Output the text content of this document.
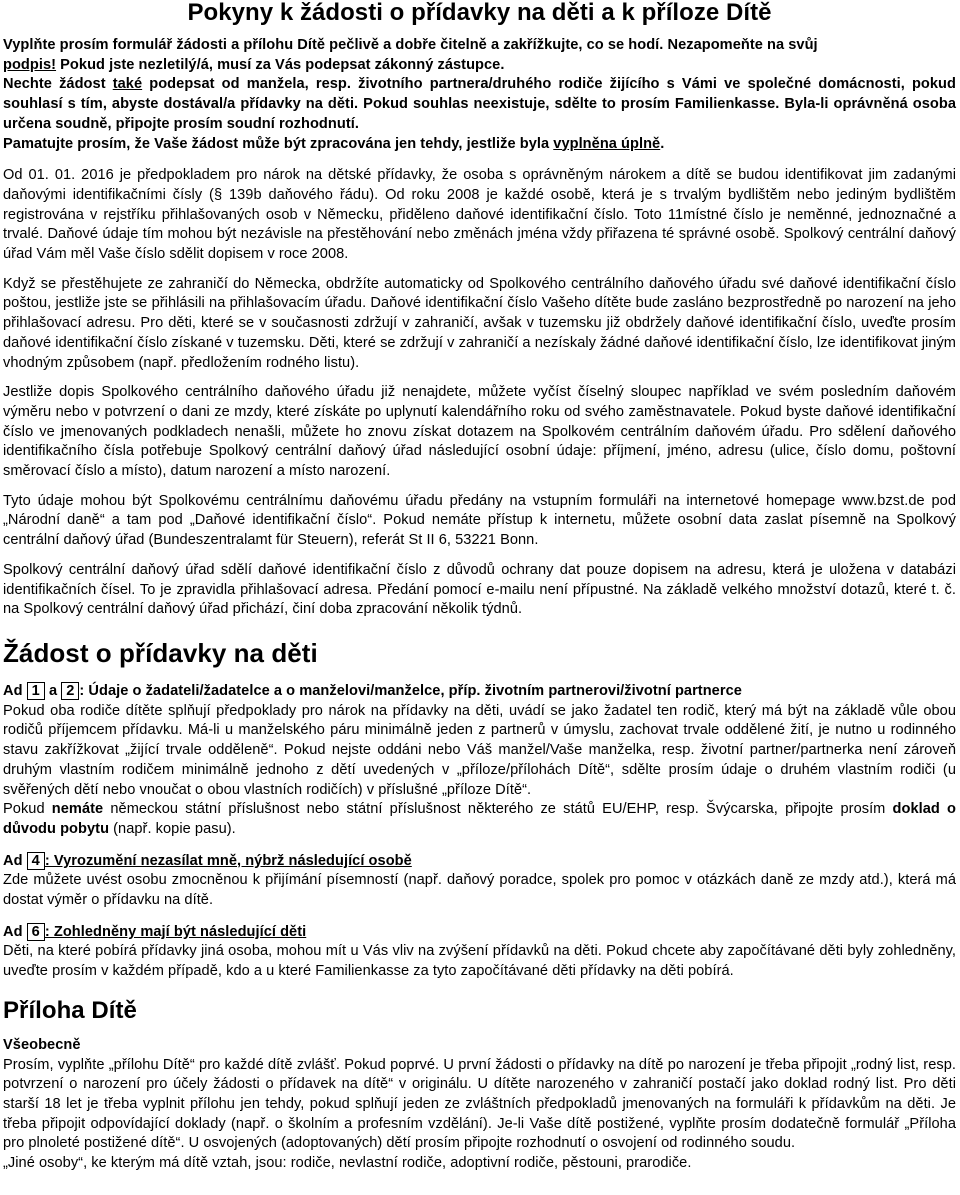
Pokyny k žádosti o přídavky na děti a k příloze Dítě

Vyplňte prosím formulář žádosti a přílohu Dítě pečlivě a dobře čitelně a zakřížkujte, co se hodí. Nezapomeňte na svůj
podpis! Pokud jste nezletilý/á, musí za Vás podepsat zákonný zástupce.
Nechte žádost také podepsat od manžela, resp. životního partnera/druhého rodiče žijícího s Vámi ve společné domácnosti, pokud souhlasí s tím, abyste dostával/a přídavky na děti. Pokud souhlas neexistuje, sdělte to prosím Familienkasse. Byla-li oprávněná osoba určena soudně, připojte prosím soudní rozhodnutí.
Pamatujte prosím, že Vaše žádost může být zpracována jen tehdy, jestliže byla vyplněna úplně.

Od 01. 01. 2016 je předpokladem pro nárok na dětské přídavky, že osoba s oprávněným nárokem a dítě se budou identifikovat jim zadanými daňovými identifikačními čísly (§ 139b daňového řádu). Od roku 2008 je každé osobě, která je s trvalým bydlištěm nebo jediným bydlištěm registrována v rejstříku přihlašovaných osob v Německu, přiděleno daňové identifikační číslo. Toto 11místné číslo je neměnné, jednoznačné a trvalé. Daňové údaje tím mohou být nezávisle na přestěhování nebo změnách jména vždy přiřazena té správné osobě. Spolkový centrální daňový úřad Vám měl Vaše číslo sdělit dopisem v roce 2008.

Když se přestěhujete ze zahraničí do Německa, obdržíte automaticky od Spolkového centrálního daňového úřadu své daňové identifikační číslo poštou, jestliže jste se přihlásili na přihlašovacím úřadu. Daňové identifikační číslo Vašeho dítěte bude zasláno bezprostředně po narození na jeho přihlašovací adresu. Pro děti, které se v současnosti zdržují v zahraničí, avšak v tuzemsku již obdržely daňové identifikační číslo, uveďte prosím daňové identifikační číslo získané v tuzemsku. Děti, které se zdržují v zahraničí a nezískaly žádné daňové identifikační číslo, lze identifikovat jiným vhodným způsobem (např. předložením rodného listu).

Jestliže dopis Spolkového centrálního daňového úřadu již nenajdete, můžete vyčíst číselný sloupec například ve svém posledním daňovém výměru nebo v potvrzení o dani ze mzdy, které získáte po uplynutí kalendářního roku od svého zaměstnavatele. Pokud byste daňové identifikační číslo ve jmenovaných podkladech nenašli, můžete ho znovu získat dotazem na Spolkovém centrálním daňovém úřadu. Pro sdělení daňového identifikačního čísla potřebuje Spolkový centrální daňový úřad následující osobní údaje: příjmení, jméno, adresu (ulice, číslo domu, poštovní směrovací číslo a místo), datum narození a místo narození.

Tyto údaje mohou být Spolkovému centrálnímu daňovému úřadu předány na vstupním formuláři na internetové homepage www.bzst.de pod „Národní daně“ a tam pod „Daňové identifikační číslo“. Pokud nemáte přístup k internetu, můžete osobní data zaslat písemně na Spolkový centrální daňový úřad (Bundeszentralamt für Steuern), referát St II 6, 53221 Bonn.

Spolkový centrální daňový úřad sdělí daňové identifikační číslo z důvodů ochrany dat pouze dopisem na adresu, která je uložena v databázi identifikačních čísel. To je zpravidla přihlašovací adresa. Předání pomocí e-mailu není přípustné. Na základě velkého množství dotazů, které t. č. na Spolkový centrální daňový úřad přichází, činí doba zpracování několik týdnů.

Žádost o přídavky na děti

Ad 1 a 2 : Údaje o žadateli/žadatelce a o manželovi/manželce, příp. životním partnerovi/životní partnerce

Pokud oba rodiče dítěte splňují předpoklady pro nárok na přídavky na děti, uvádí se jako žadatel ten rodič, který má být na základě vůle obou rodičů příjemcem přídavku. Má-li u manželského páru minimálně jeden z partnerů v úmyslu, zachovat trvale oddělené žití, je nutno u rodinného stavu zakřížkovat „žijící trvale odděleně“. Pokud nejste oddáni nebo Váš manžel/Vaše manželka, resp. životní partner/partnerka není zároveň druhým vlastním rodičem minimálně jednoho z dětí uvedených v „příloze/přílohách Dítě“, sdělte prosím údaje o druhém vlastním rodiči (u svěřených dětí nebo vnoučat o obou vlastních rodičích) v příslušné „příloze Dítě“.

Pokud nemáte německou státní příslušnost nebo státní příslušnost některého ze států EU/EHP, resp. Švýcarska, připojte prosím doklad o důvodu pobytu (např. kopie pasu).

Ad 4 : Vyrozumění nezasílat mně, nýbrž následující osobě

Zde můžete uvést osobu zmocněnou k přijímání písemností (např. daňový poradce, spolek pro pomoc v otázkách daně ze mzdy atd.), která má dostat výměr o přídavku na dítě.

Ad 6 : Zohledněny mají být následující děti

Děti, na které pobírá přídavky jiná osoba, mohou mít u Vás vliv na zvýšení přídavků na děti. Pokud chcete aby započítávané děti byly zohledněny, uveďte prosím v každém případě, kdo a u které Familienkasse za tyto započítávané děti přídavky na děti pobírá.

Příloha Dítě

Všeobecně

Prosím, vyplňte „přílohu Dítě“ pro každé dítě zvlášť. Pokud poprvé. U první žádosti o přídavky na dítě po narození je třeba připojit „rodný list, resp. potvrzení o narození pro účely žádosti o přídavek na dítě“ v originálu. U dítěte narozeného v zahraničí postačí jako doklad rodný list. Pro děti starší 18 let je třeba vyplnit přílohu jen tehdy, pokud splňují jeden ze zvláštních předpokladů jmenovaných na formuláři k přídavkům na děti. Je třeba připojit odpovídající doklady (např. o školním a profesním vzdělání). Je-li Vaše dítě postižené, vyplňte prosím dodatečně formulář „Příloha pro plnoleté postižené dítě“. U osvojených (adoptovaných) dětí prosím připojte rozhodnutí o osvojení od rodinného soudu.

„Jiné osoby“, ke kterým má dítě vztah, jsou: rodiče, nevlastní rodiče, adoptivní rodiče, pěstouni, prarodiče.
